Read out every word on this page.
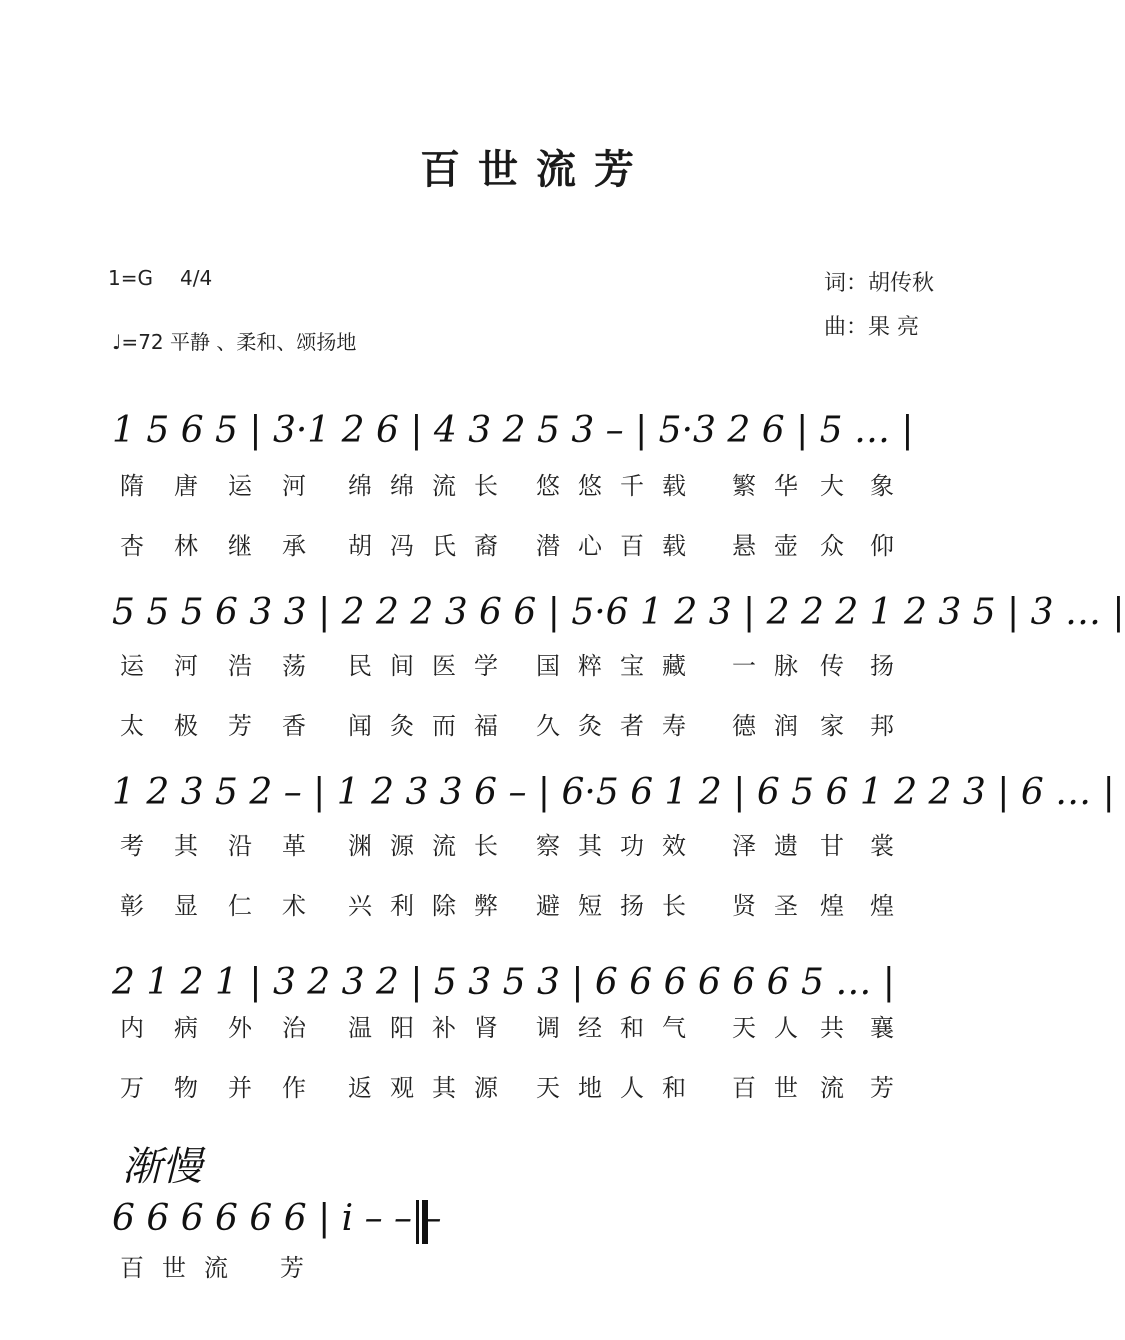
百世流芳
1=G 4/4
♩=72 平静 、柔和、颂扬地
词：胡传秋
曲：果 亮
1 5 6 5 | 3·1 2 6 | 4 3 2 5 3 – | 5·3 2 6 | 5 … |
隋 唐 运 河 绵 绵 流 长 悠 悠 千 载 繁 华 大 象
杏 林 继 承 胡 冯 氏 裔 潜 心 百 载 悬 壶 众 仰
5 5 5 6 3 3 | 2 2 2 3 6 6 | 5·6 1 2 3 | 2 2 2 1 2 3 5 | 3 … |
运 河 浩 荡 民 间 医 学 国 粹 宝 藏 一 脉 传 扬
太 极 芳 香 闻 灸 而 福 久 灸 者 寿 德 润 家 邦
1 2 3 5 2 – | 1 2 3 3 6 – | 6·5 6 1 2 | 6 5 6 1 2 2 3 | 6 … |
考 其 沿 革 渊 源 流 长 察 其 功 效 泽 遗 甘 裳
彰 显 仁 术 兴 利 除 弊 避 短 扬 长 贤 圣 煌 煌
2 1 2 1 | 3 2 3 2 | 5 3 5 3 | 6 6 6 6 6 6 5 … |
内 病 外 治 温 阳 补 肾 调 经 和 气 天 人 共 襄
万 物 并 作 返 观 其 源 天 地 人 和 百 世 流 芳
渐慢
6 6 6 6 6 6 | i – – –
百 世 流 芳
